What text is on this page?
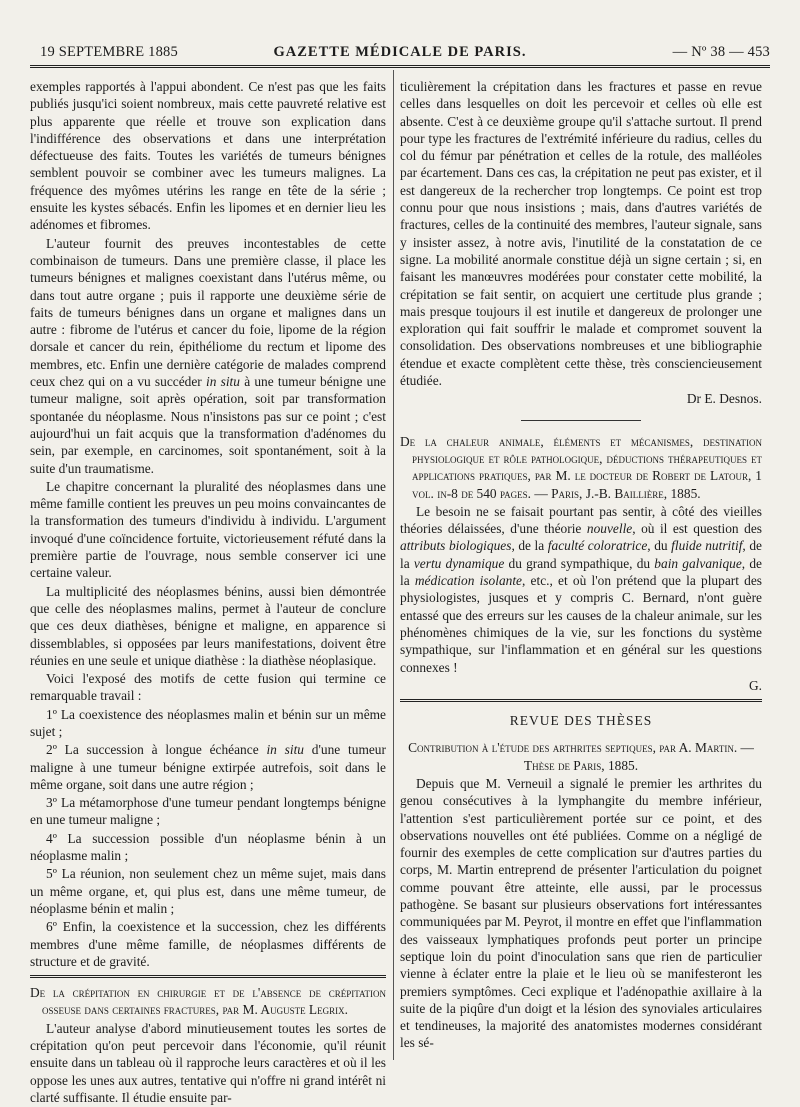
19 SEPTEMBRE 1885	GAZETTE MÉDICALE DE PARIS.	— Nº 38 — 453

exemples rapportés à l'appui abondent. Ce n'est pas que les faits publiés jusqu'ici soient nombreux, mais cette pauvreté relative est plus apparente que réelle et trouve son explication dans l'indifférence des observations et dans une interprétation défectueuse des faits. Toutes les variétés de tumeurs bénignes semblent pouvoir se combiner avec les tumeurs malignes. La fréquence des myômes utérins les range en tête de la série ; ensuite les kystes sébacés. Enfin les lipomes et en dernier lieu les adénomes et fibromes.

L'auteur fournit des preuves incontestables de cette combinaison de tumeurs. Dans une première classe, il place les tumeurs bénignes et malignes coexistant dans l'utérus même, ou dans tout autre organe ; puis il rapporte une deuxième série de faits de tumeurs bénignes dans un organe et malignes dans un autre : fibrome de l'utérus et cancer du foie, lipome de la région dorsale et cancer du rein, épithéliome du rectum et lipome des membres, etc. Enfin une dernière catégorie de malades comprend ceux chez qui on a vu succéder in situ à une tumeur bénigne une tumeur maligne, soit après opération, soit par transformation spontanée du néoplasme. Nous n'insistons pas sur ce point ; c'est aujourd'hui un fait acquis que la transformation d'adénomes du sein, par exemple, en carcinomes, soit spontanément, soit à la suite d'un traumatisme.

Le chapitre concernant la pluralité des néoplasmes dans une même famille contient les preuves un peu moins convaincantes de la transformation des tumeurs d'individu à individu. L'argument invoqué d'une coïncidence fortuite, victorieusement réfuté dans la première partie de l'ouvrage, nous semble conserver ici une certaine valeur.

La multiplicité des néoplasmes bénins, aussi bien démontrée que celle des néoplasmes malins, permet à l'auteur de conclure que ces deux diathèses, bénigne et maligne, en apparence si dissemblables, si opposées par leurs manifestations, doivent être réunies en une seule et unique diathèse : la diathèse néoplasique.

Voici l'exposé des motifs de cette fusion qui termine ce remarquable travail :

1º La coexistence des néoplasmes malin et bénin sur un même sujet ;

2º La succession à longue échéance in situ d'une tumeur maligne à une tumeur bénigne extirpée autrefois, soit dans le même organe, soit dans une autre région ;

3º La métamorphose d'une tumeur pendant longtemps bénigne en une tumeur maligne ;

4º La succession possible d'un néoplasme bénin à un néoplasme malin ;

5º La réunion, non seulement chez un même sujet, mais dans un même organe, et, qui plus est, dans une même tumeur, de néoplasme bénin et malin ;

6º Enfin, la coexistence et la succession, chez les différents membres d'une même famille, de néoplasmes différents de structure et de gravité.

De la crépitation en chirurgie et de l'absence de crépitation osseuse dans certaines fractures, par M. Auguste Legrix.

L'auteur analyse d'abord minutieusement toutes les sortes de crépitation qu'on peut percevoir dans l'économie, qu'il réunit ensuite dans un tableau où il rapproche leurs caractères et où il les oppose les unes aux autres, tentative qui n'offre ni grand intérêt ni clarté suffisante. Il étudie ensuite par-

ticulièrement la crépitation dans les fractures et passe en revue celles dans lesquelles on doit les percevoir et celles où elle est absente. C'est à ce deuxième groupe qu'il s'attache surtout. Il prend pour type les fractures de l'extrémité inférieure du radius, celles du col du fémur par pénétration et celles de la rotule, des malléoles par écartement. Dans ces cas, la crépitation ne peut pas exister, et il est dangereux de la rechercher trop longtemps. Ce point est trop connu pour que nous insistions ; mais, dans d'autres variétés de fractures, celles de la continuité des membres, l'auteur signale, sans y insister assez, à notre avis, l'inutilité de la constatation de ce signe. La mobilité anormale constitue déjà un signe certain ; si, en faisant les manœuvres modérées pour constater cette mobilité, la crépitation se fait sentir, on acquiert une certitude plus grande ; mais presque toujours il est inutile et dangereux de prolonger une exploration qui fait souffrir le malade et compromet souvent la consolidation. Des observations nombreuses et une bibliographie étendue et exacte complètent cette thèse, très consciencieusement étudiée.

Dr E. Desnos.

De la chaleur animale, éléments et mécanismes, destination physiologique et rôle pathologique, déductions thérapeutiques et applications pratiques, par M. le docteur de Robert de Latour, 1 vol. in-8 de 540 pages. — Paris, J.-B. Baillière, 1885.

Le besoin ne se faisait pourtant pas sentir, à côté des vieilles théories délaissées, d'une théorie nouvelle, où il est question des attributs biologiques, de la faculté coloratrice, du fluide nutritif, de la vertu dynamique du grand sympathique, du bain galvanique, de la médication isolante, etc., et où l'on prétend que la plupart des physiologistes, jusques et y compris C. Bernard, n'ont guère entassé que des erreurs sur les causes de la chaleur animale, sur les phénomènes chimiques de la vie, sur les fonctions du système sympathique, sur l'inflammation et en général sur les questions connexes !

G.

REVUE DES THÈSES

Contribution à l'étude des arthrites septiques, par A. Martin. — Thèse de Paris, 1885.

Depuis que M. Verneuil a signalé le premier les arthrites du genou consécutives à la lymphangite du membre inférieur, l'attention s'est particulièrement portée sur ce point, et des observations nouvelles ont été publiées. Comme on a négligé de fournir des exemples de cette complication sur d'autres parties du corps, M. Martin entreprend de présenter l'articulation du poignet comme pouvant être atteinte, elle aussi, par le processus pathogène. Se basant sur plusieurs observations fort intéressantes communiquées par M. Peyrot, il montre en effet que l'inflammation des vaisseaux lymphatiques profonds peut porter un principe septique loin du point d'inoculation sans que rien de particulier vienne à éclater entre la plaie et le lieu où se manifesteront les premiers symptômes. Ceci explique et l'adénopathie axillaire à la suite de la piqûre d'un doigt et la lésion des synoviales articulaires et tendineuses, la majorité des anatomistes modernes considérant les sé-
